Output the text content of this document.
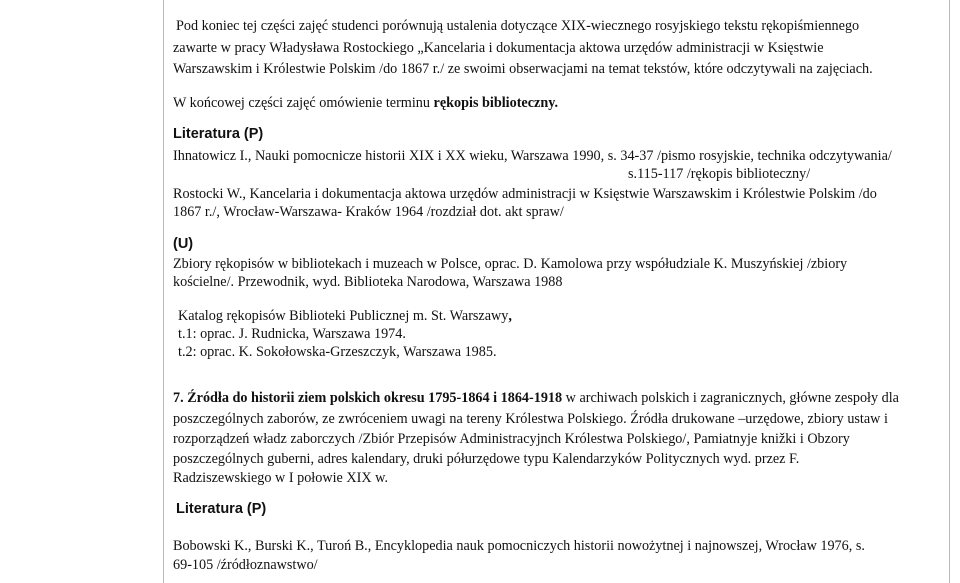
Pod koniec tej części zajęć studenci porównują ustalenia dotyczące XIX-wiecznego rosyjskiego tekstu rękopiśmiennego

zawarte w pracy Władysława Rostockiego „Kancelaria i dokumentacja aktowa urzędów administracji w Księstwie

Warszawskim i Królestwie Polskim /do 1867 r./ ze swoimi obserwacjami na temat tekstów, które odczytywali na zajęciach.

W końcowej części zajęć omówienie terminu rękopis biblioteczny.

Literatura (P)

Ihnatowicz I., Nauki pomocnicze historii XIX i XX wieku, Warszawa 1990, s. 34-37 /pismo rosyjskie, technika odczytywania/

s.115-117 /rękopis biblioteczny/

Rostocki W., Kancelaria i dokumentacja aktowa urzędów administracji w Księstwie Warszawskim i Królestwie Polskim /do

1867 r./, Wrocław-Warszawa- Kraków 1964 /rozdział dot. akt spraw/

(U)

Zbiory rękopisów w bibliotekach i muzeach w Polsce, oprac. D. Kamolowa przy współudziale K. Muszyńskiej /zbiory

kościelne/. Przewodnik, wyd. Biblioteka Narodowa, Warszawa 1988

Katalog rękopisów Biblioteki Publicznej m. St. Warszawy,

t.1: oprac. J. Rudnicka, Warszawa 1974.

t.2: oprac. K. Sokołowska-Grzeszczyk, Warszawa 1985.

7. Źródła do historii ziem polskich okresu 1795-1864 i 1864-1918 w archiwach polskich i zagranicznych, główne zespoły dla

poszczególnych zaborów, ze zwróceniem uwagi na tereny Królestwa Polskiego. Źródła drukowane –urzędowe, zbiory ustaw i

rozporządzeń władz zaborczych /Zbiór Przepisów Administracyjnch Królestwa Polskiego/, Pamiatnyje knižki i Obzory

poszczególnych guberni, adres kalendary, druki półurzędowe typu Kalendarzyków Politycznych wyd. przez F.

Radziszewskiego w I połowie XIX w.

Literatura (P)

Bobowski K., Burski K., Turoń B., Encyklopedia nauk pomocniczych historii nowożytnej i najnowszej, Wrocław 1976, s.

69-105 /źródłoznawstwo/
